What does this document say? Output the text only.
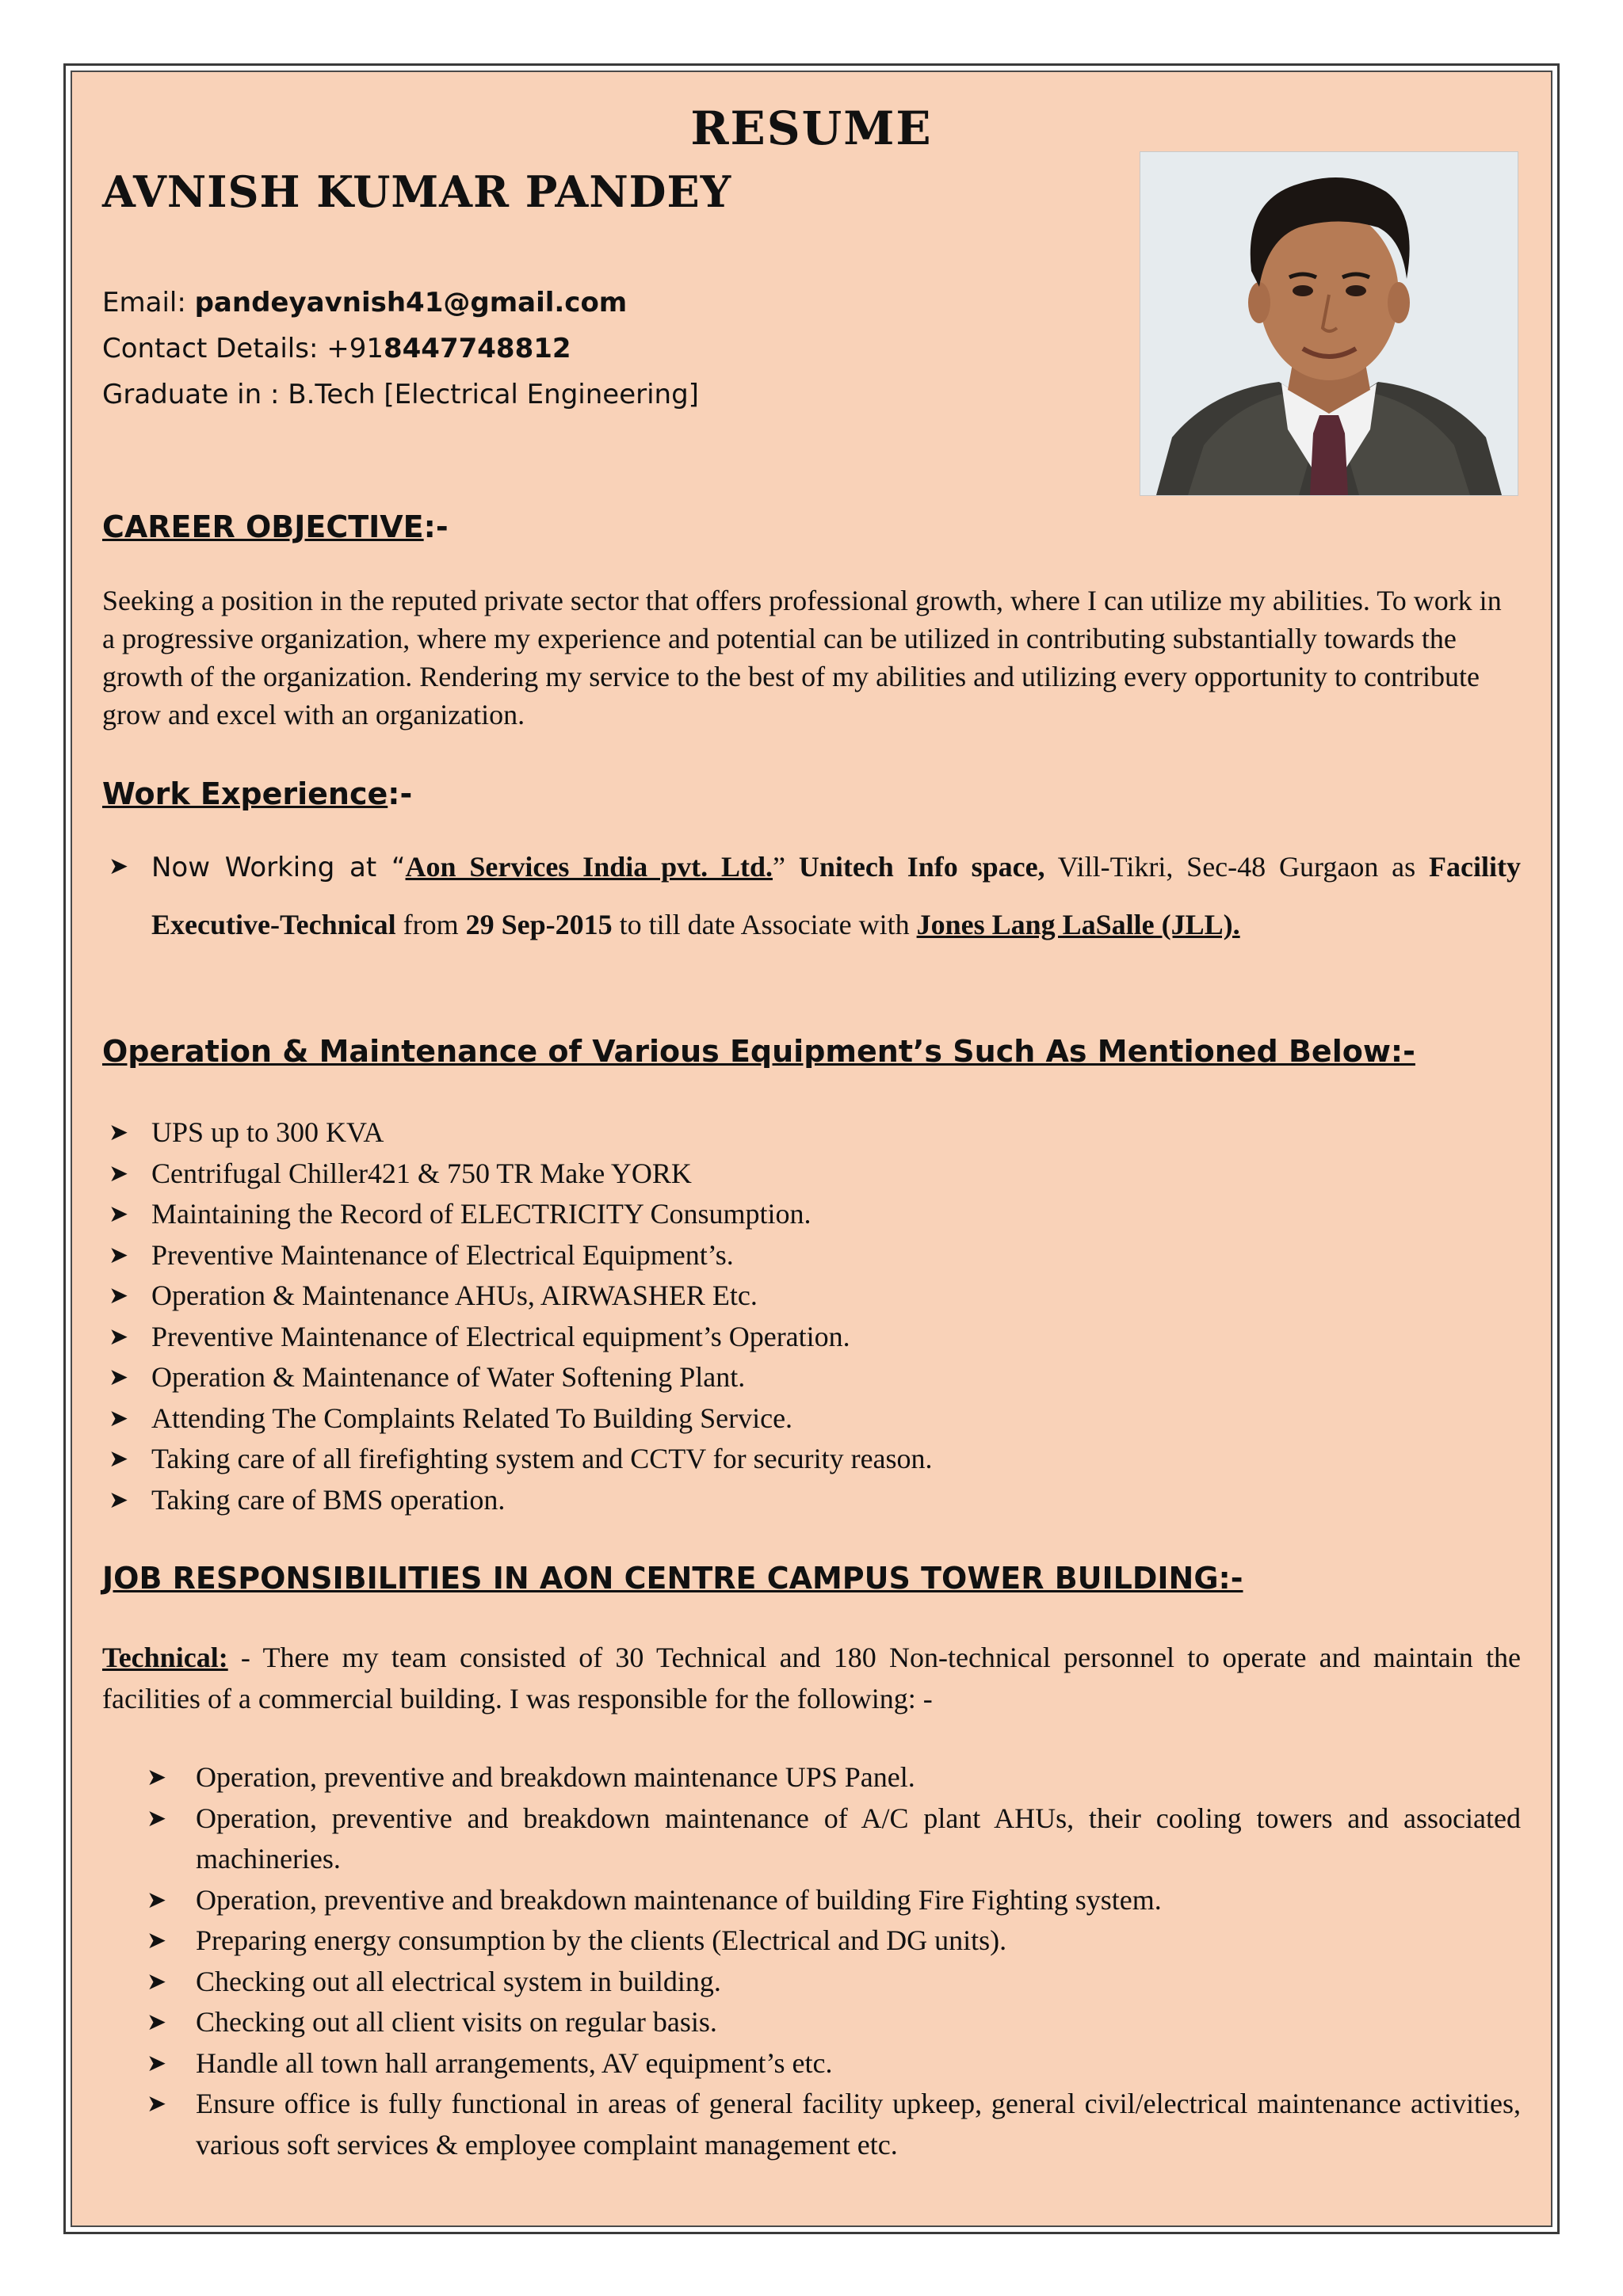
RESUME
AVNISH KUMAR PANDEY
Email: pandeyavnish41@gmail.com
Contact Details: +918447748812
Graduate in : B.Tech [Electrical Engineering]
CAREER OBJECTIVE:-

Seeking a position in the reputed private sector that offers professional growth, where I can utilize my abilities. To work in a progressive organization, where my experience and potential can be utilized in contributing substantially towards the growth of the organization. Rendering my service to the best of my abilities and utilizing every opportunity to contribute grow and excel with an organization.

Work Experience:-
➤ Now Working at “Aon Services India pvt. Ltd.” Unitech Info space, Vill-Tikri, Sec-48 Gurgaon as Facility Executive-Technical from 29 Sep-2015 to till date Associate with Jones Lang LaSalle (JLL).
Operation & Maintenance of Various Equipment’s Such As Mentioned Below:-
➤ UPS up to 300 KVA
➤ Centrifugal Chiller421 & 750 TR Make YORK
➤ Maintaining the Record of ELECTRICITY Consumption.
➤ Preventive Maintenance of Electrical Equipment’s.
➤ Operation & Maintenance AHUs, AIRWASHER Etc.
➤ Preventive Maintenance of Electrical equipment’s Operation.
➤ Operation & Maintenance of Water Softening Plant.
➤ Attending The Complaints Related To Building Service.
➤ Taking care of all firefighting system and CCTV for security reason.
➤ Taking care of BMS operation.
JOB RESPONSIBILITIES IN AON CENTRE CAMPUS TOWER BUILDING:-

Technical: - There my team consisted of 30 Technical and 180 Non-technical personnel to operate and maintain the facilities of a commercial building. I was responsible for the following: -

➤ Operation, preventive and breakdown maintenance UPS Panel.
➤ Operation, preventive and breakdown maintenance of A/C plant AHUs, their cooling towers and associated machineries.
➤ Operation, preventive and breakdown maintenance of building Fire Fighting system.
➤ Preparing energy consumption by the clients (Electrical and DG units).
➤ Checking out all electrical system in building.
➤ Checking out all client visits on regular basis.
➤ Handle all town hall arrangements, AV equipment’s etc.
➤ Ensure office is fully functional in areas of general facility upkeep, general civil/electrical maintenance activities, various soft services & employee complaint management etc.
